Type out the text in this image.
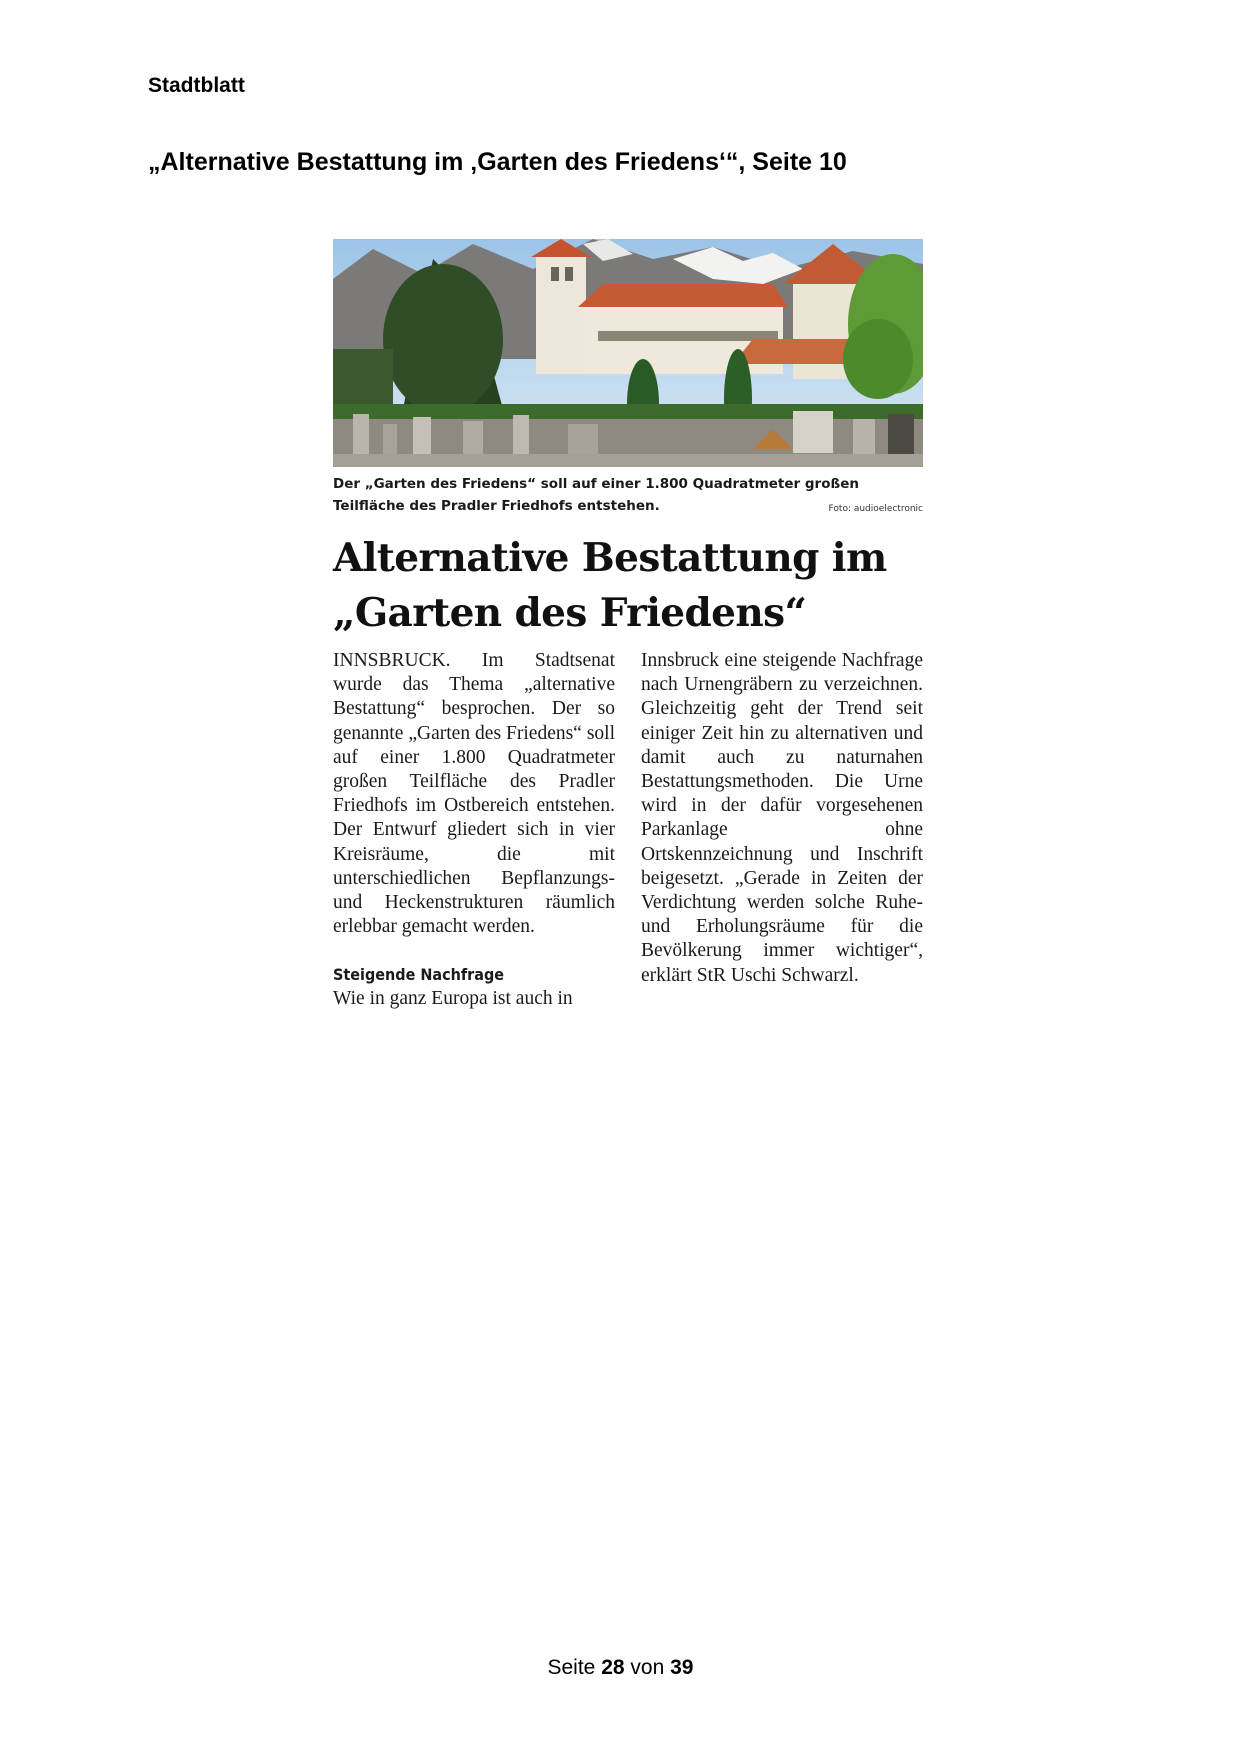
Stadtblatt
„Alternative Bestattung im ‚Garten des Friedens‘“, Seite 10
Der „Garten des Friedens“ soll auf einer 1.800 Quadratmeter großen Teilfläche des Pradler Friedhofs entstehen.	Foto: audioelectronic
Alternative Bestattung im „Garten des Friedens“
INNSBRUCK. Im Stadtsenat wurde das Thema „alternative Bestattung“ besprochen. Der so genannte „Garten des Friedens“ soll auf einer 1.800 Quadratmeter großen Teilfläche des Pradler Friedhofs im Ostbereich entstehen. Der Entwurf gliedert sich in vier Kreisräume, die mit unterschiedlichen Bepflanzungs- und Heckenstrukturen räumlich erlebbar gemacht werden.
Steigende Nachfrage
Wie in ganz Europa ist auch in
Innsbruck eine steigende Nachfrage nach Urnengräbern zu verzeichnen. Gleichzeitig geht der Trend seit einiger Zeit hin zu alternativen und damit auch zu naturnahen Bestattungsmethoden. Die Urne wird in der dafür vorgesehenen Parkanlage ohne Ortskennzeichnung und Inschrift beigesetzt. „Gerade in Zeiten der Verdichtung werden solche Ruhe- und Erholungsräume für die Bevölkerung immer wichtiger“, erklärt StR Uschi Schwarzl.
Seite 28 von 39
